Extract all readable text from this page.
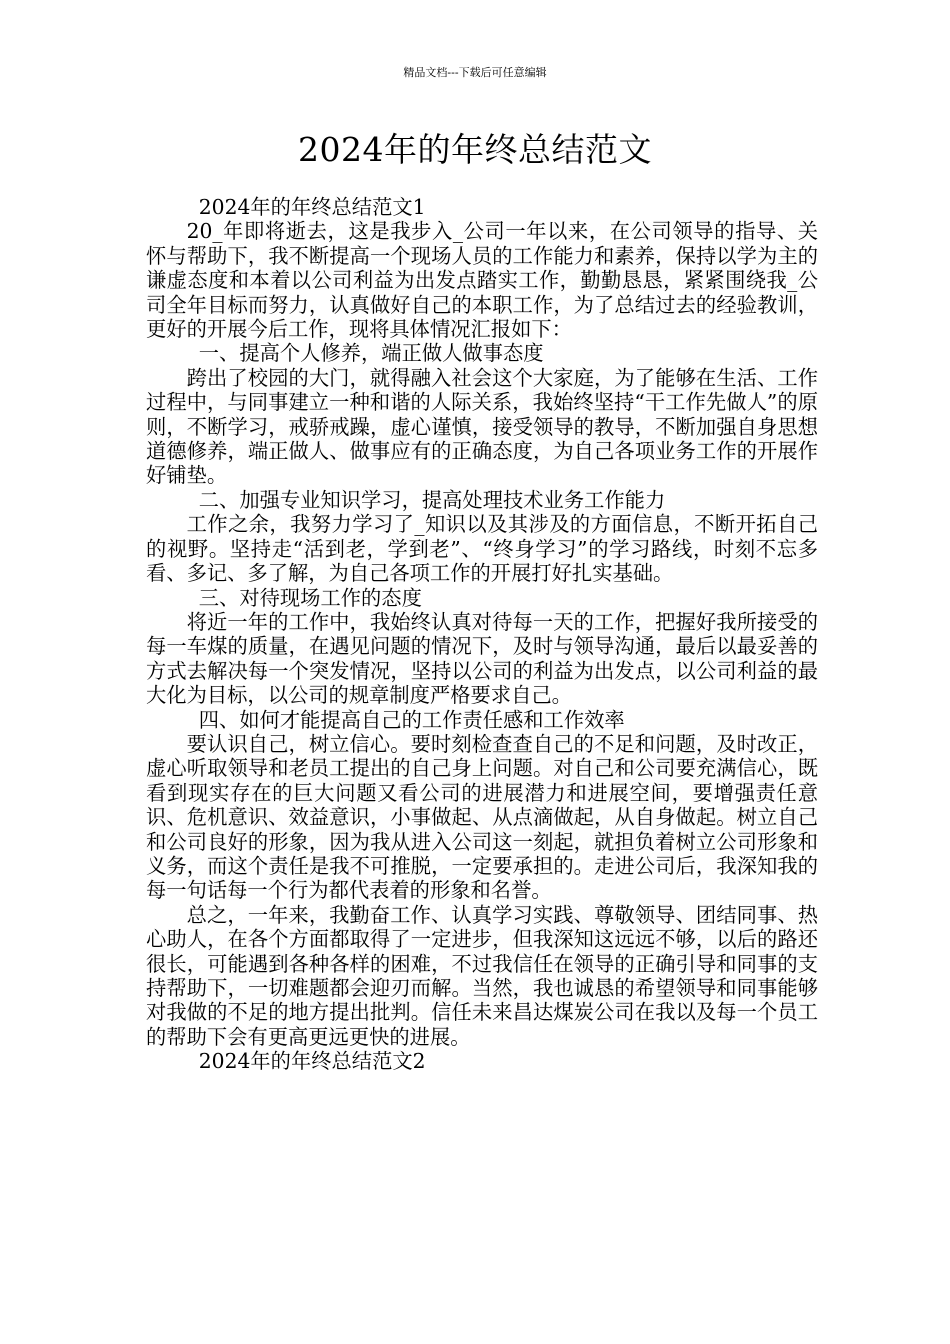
精品文档---下载后可任意编辑
2024年的年终总结范文

2024年的年终总结范文1

20_年即将逝去，这是我步入_公司一年以来，在公司领导的指导、关怀与帮助下，我不断提高一个现场人员的工作能力和素养，保持以学为主的谦虚态度和本着以公司利益为出发点踏实工作，勤勤恳恳，紧紧围绕我_公司全年目标而努力，认真做好自己的本职工作，为了总结过去的经验教训，更好的开展今后工作，现将具体情况汇报如下：

一、提高个人修养，端正做人做事态度

跨出了校园的大门，就得融入社会这个大家庭，为了能够在生活、工作过程中，与同事建立一种和谐的人际关系，我始终坚持“干工作先做人”的原则，不断学习，戒骄戒躁，虚心谨慎，接受领导的教导，不断加强自身思想道德修养，端正做人、做事应有的正确态度，为自己各项业务工作的开展作好铺垫。

二、加强专业知识学习，提高处理技术业务工作能力

工作之余，我努力学习了_知识以及其涉及的方面信息，不断开拓自己的视野。坚持走“活到老，学到老”、“终身学习”的学习路线，时刻不忘多看、多记、多了解，为自己各项工作的开展打好扎实基础。

三、对待现场工作的态度

将近一年的工作中，我始终认真对待每一天的工作，把握好我所接受的每一车煤的质量，在遇见问题的情况下，及时与领导沟通，最后以最妥善的方式去解决每一个突发情况，坚持以公司的利益为出发点，以公司利益的最大化为目标，以公司的规章制度严格要求自己。

四、如何才能提高自己的工作责任感和工作效率

要认识自己，树立信心。要时刻检查查自己的不足和问题，及时改正，虚心听取领导和老员工提出的自己身上问题。对自己和公司要充满信心，既看到现实存在的巨大问题又看公司的进展潜力和进展空间，要增强责任意识、危机意识、效益意识，小事做起、从点滴做起，从自身做起。树立自己和公司良好的形象，因为我从进入公司这一刻起，就担负着树立公司形象和义务，而这个责任是我不可推脱，一定要承担的。走进公司后，我深知我的每一句话每一个行为都代表着的形象和名誉。

总之，一年来，我勤奋工作、认真学习实践、尊敬领导、团结同事、热心助人，在各个方面都取得了一定进步，但我深知这远远不够，以后的路还很长，可能遇到各种各样的困难，不过我信任在领导的正确引导和同事的支持帮助下，一切难题都会迎刃而解。当然，我也诚恳的希望领导和同事能够对我做的不足的地方提出批判。信任未来昌达煤炭公司在我以及每一个员工的帮助下会有更高更远更快的进展。

2024年的年终总结范文2
